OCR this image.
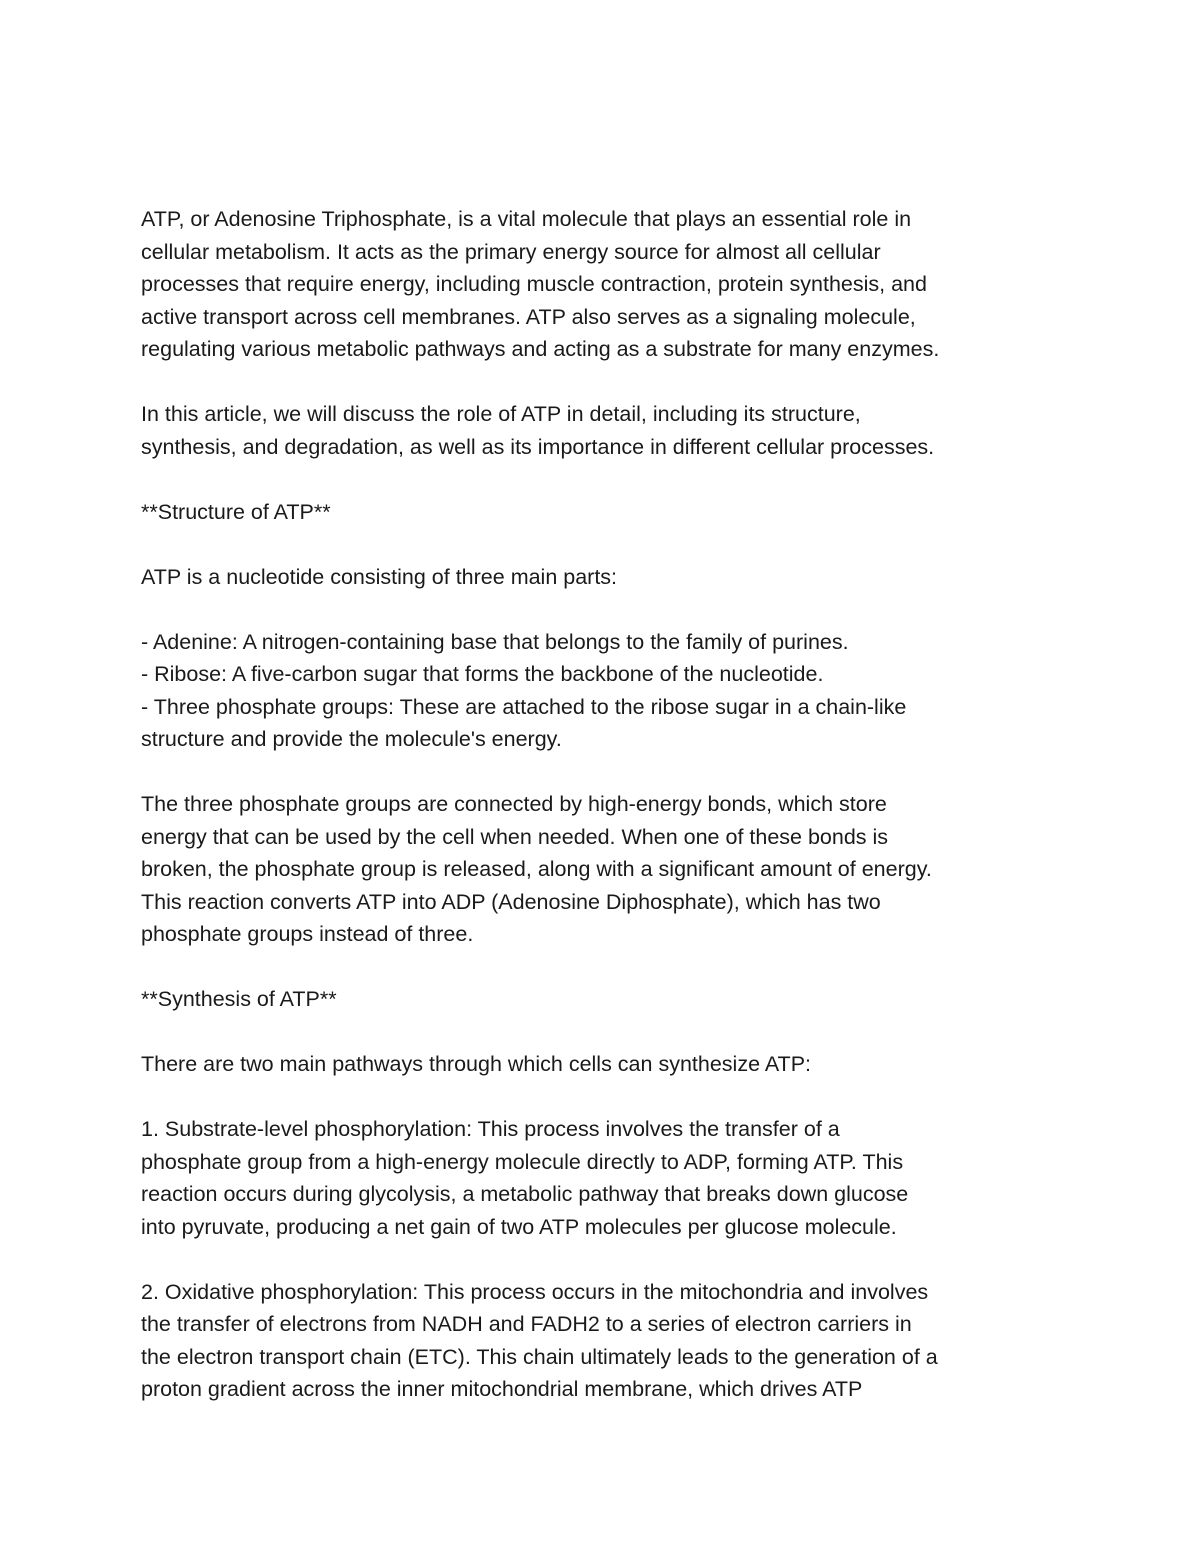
ATP, or Adenosine Triphosphate, is a vital molecule that plays an essential role in
cellular metabolism. It acts as the primary energy source for almost all cellular
processes that require energy, including muscle contraction, protein synthesis, and
active transport across cell membranes. ATP also serves as a signaling molecule,
regulating various metabolic pathways and acting as a substrate for many enzymes.

In this article, we will discuss the role of ATP in detail, including its structure,
synthesis, and degradation, as well as its importance in different cellular processes.

**Structure of ATP**

ATP is a nucleotide consisting of three main parts:

- Adenine: A nitrogen-containing base that belongs to the family of purines.
- Ribose: A five-carbon sugar that forms the backbone of the nucleotide.
- Three phosphate groups: These are attached to the ribose sugar in a chain-like
structure and provide the molecule's energy.

The three phosphate groups are connected by high-energy bonds, which store
energy that can be used by the cell when needed. When one of these bonds is
broken, the phosphate group is released, along with a significant amount of energy.
This reaction converts ATP into ADP (Adenosine Diphosphate), which has two
phosphate groups instead of three.

**Synthesis of ATP**

There are two main pathways through which cells can synthesize ATP:

1. Substrate-level phosphorylation: This process involves the transfer of a
phosphate group from a high-energy molecule directly to ADP, forming ATP. This
reaction occurs during glycolysis, a metabolic pathway that breaks down glucose
into pyruvate, producing a net gain of two ATP molecules per glucose molecule.

2. Oxidative phosphorylation: This process occurs in the mitochondria and involves
the transfer of electrons from NADH and FADH2 to a series of electron carriers in
the electron transport chain (ETC). This chain ultimately leads to the generation of a
proton gradient across the inner mitochondrial membrane, which drives ATP
